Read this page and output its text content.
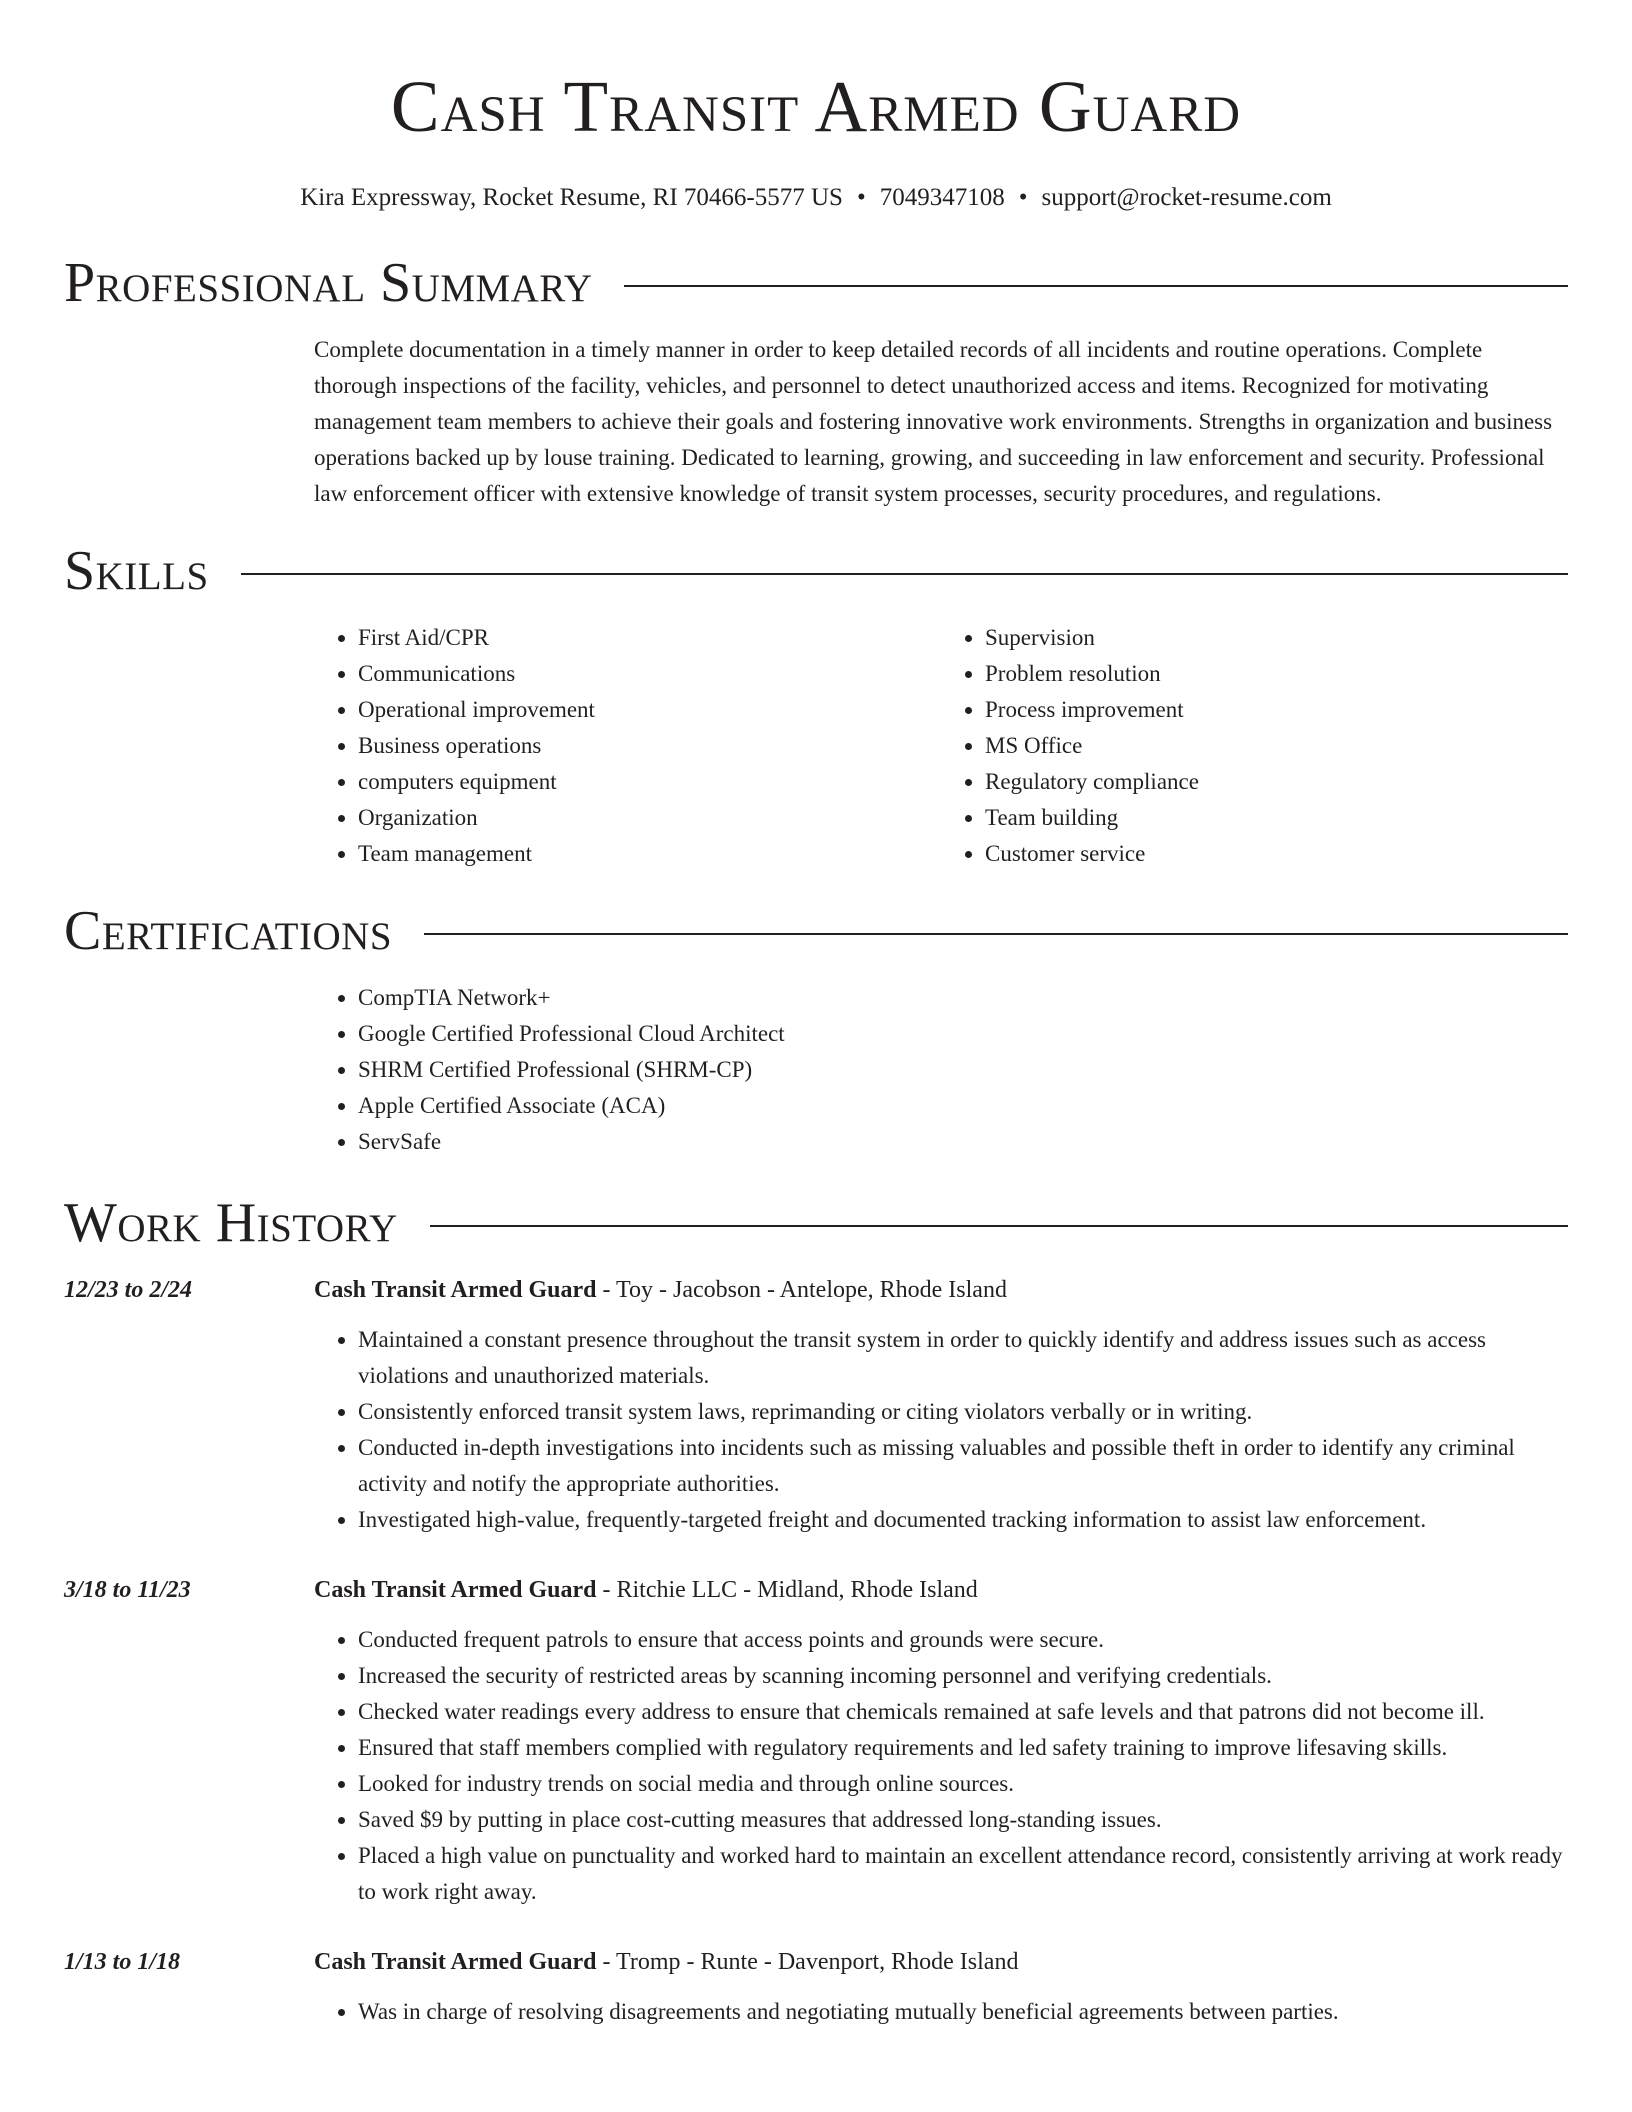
Cash Transit Armed Guard
Kira Expressway, Rocket Resume, RI 70466-5577 US • 7049347108 • support@rocket-resume.com
Professional Summary
Complete documentation in a timely manner in order to keep detailed records of all incidents and routine operations. Complete thorough inspections of the facility, vehicles, and personnel to detect unauthorized access and items. Recognized for motivating management team members to achieve their goals and fostering innovative work environments. Strengths in organization and business operations backed up by louse training. Dedicated to learning, growing, and succeeding in law enforcement and security. Professional law enforcement officer with extensive knowledge of transit system processes, security procedures, and regulations.
Skills
• First Aid/CPR
• Communications
• Operational improvement
• Business operations
• computers equipment
• Organization
• Team management
• Supervision
• Problem resolution
• Process improvement
• MS Office
• Regulatory compliance
• Team building
• Customer service
Certifications
• CompTIA Network+
• Google Certified Professional Cloud Architect
• SHRM Certified Professional (SHRM-CP)
• Apple Certified Associate (ACA)
• ServSafe
Work History
12/23 to 2/24	Cash Transit Armed Guard - Toy - Jacobson - Antelope, Rhode Island
• Maintained a constant presence throughout the transit system in order to quickly identify and address issues such as access violations and unauthorized materials.
• Consistently enforced transit system laws, reprimanding or citing violators verbally or in writing.
• Conducted in-depth investigations into incidents such as missing valuables and possible theft in order to identify any criminal activity and notify the appropriate authorities.
• Investigated high-value, frequently-targeted freight and documented tracking information to assist law enforcement.
3/18 to 11/23	Cash Transit Armed Guard - Ritchie LLC - Midland, Rhode Island
• Conducted frequent patrols to ensure that access points and grounds were secure.
• Increased the security of restricted areas by scanning incoming personnel and verifying credentials.
• Checked water readings every address to ensure that chemicals remained at safe levels and that patrons did not become ill.
• Ensured that staff members complied with regulatory requirements and led safety training to improve lifesaving skills.
• Looked for industry trends on social media and through online sources.
• Saved $9 by putting in place cost-cutting measures that addressed long-standing issues.
• Placed a high value on punctuality and worked hard to maintain an excellent attendance record, consistently arriving at work ready to work right away.
1/13 to 1/18	Cash Transit Armed Guard - Tromp - Runte - Davenport, Rhode Island
• Was in charge of resolving disagreements and negotiating mutually beneficial agreements between parties.
